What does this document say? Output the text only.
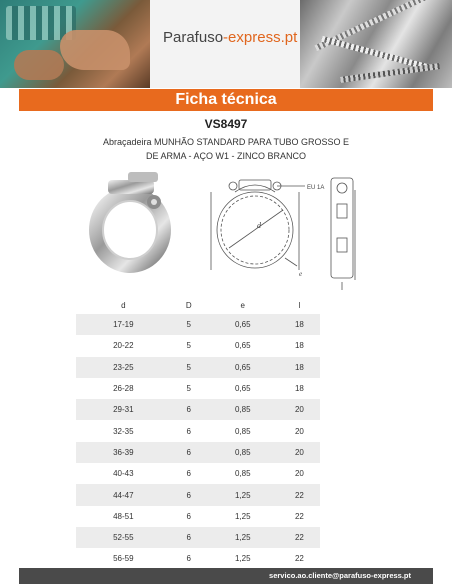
Parafuso-express.pt
Ficha técnica
VS8497
Abraçadeira MUNHÃO STANDARD PARA TUBO GROSSO E
DE ARMA - AÇO W1 - ZINCO BRANCO
EU 1A
d
e
d	D	e	l
17-19	5	0,65	18
20-22	5	0,65	18
23-25	5	0,65	18
26-28	5	0,65	18
29-31	6	0,85	20
32-35	6	0,85	20
36-39	6	0,85	20
40-43	6	0,85	20
44-47	6	1,25	22
48-51	6	1,25	22
52-55	6	1,25	22
56-59	6	1,25	22
servico.ao.cliente@parafuso-express.pt
